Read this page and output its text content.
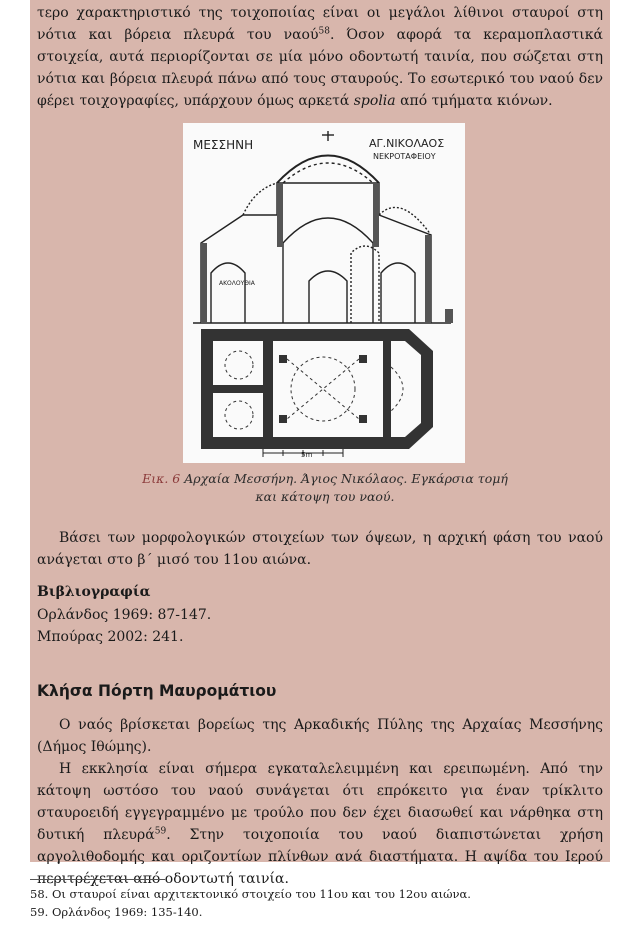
τερο χαρακτηριστικό της τοιχοποιίας είναι οι μεγάλοι λίθινοι σταυροί στη νότια και βόρεια πλευρά του ναού$^{58}$. Όσον αφορά τα κεραμοπλαστικά στοιχεία, αυτά περιορίζονται σε μία μόνο οδοντωτή ταινία, που σώζεται στη νότια και βόρεια πλευρά πάνω από τους σταυρούς. Το εσωτερικό του ναού δεν φέρει τοιχογραφίες, υπάρχουν όμως αρκετά spolia από τμήματα κιόνων.

ΜΕΣΣΗΝΗ	ΑΓ.ΝΙΚΟΛΑΟΣ
ΝΕΚΡΟΤΑΦΕΙΟΥ
ΑΚΟΛΟΥΘΙΑ
5m
Εικ. 6 Αρχαία Μεσσήνη. Άγιος Νικόλαος. Εγκάρσια τομή
και κάτοψη του ναού.

Βάσει των μορφολογικών στοιχείων των όψεων, η αρχική φάση του ναού ανάγεται στο β΄ μισό του 11ου αιώνα.

Βιβλιογραφία
Ορλάνδος 1969: 87-147.
Μπούρας 2002: 241.
Κλήσα Πόρτη Μαυρομάτιου

Ο ναός βρίσκεται βορείως της Αρκαδικής Πύλης της Αρχαίας Μεσσήνης (Δήμος Ιθώμης).

Η εκκλησία είναι σήμερα εγκαταλελειμμένη και ερειπωμένη. Από την κάτοψη ωστόσο του ναού συνάγεται ότι επρόκειτο για έναν τρίκλιτο σταυροειδή εγγεγραμμένο με τρούλο που δεν έχει διασωθεί και νάρθηκα στη δυτική πλευρά$^{59}$. Στην τοιχοποιία του ναού διαπιστώνεται χρήση αργολιθοδομής και οριζοντίων πλίνθων ανά διαστήματα. Η αψίδα του Ιερού περιτρέχεται από οδοντωτή ταινία.

58. Οι σταυροί είναι αρχιτεκτονικό στοιχείο του 11ου και του 12ου αιώνα.
59. Ορλάνδος 1969: 135-140.
